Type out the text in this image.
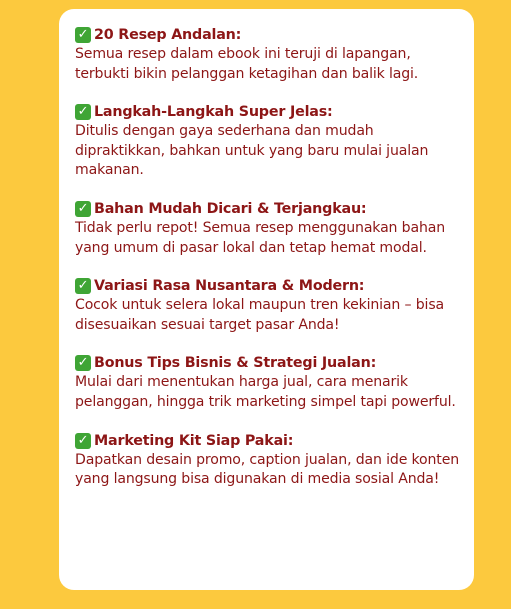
✓ 20 Resep Andalan:
Semua resep dalam ebook ini teruji di lapangan, terbukti bikin pelanggan ketagihan dan balik lagi.
✓ Langkah-Langkah Super Jelas:
Ditulis dengan gaya sederhana dan mudah dipraktikkan, bahkan untuk yang baru mulai jualan makanan.
✓ Bahan Mudah Dicari & Terjangkau:
Tidak perlu repot! Semua resep menggunakan bahan yang umum di pasar lokal dan tetap hemat modal.
✓ Variasi Rasa Nusantara & Modern:
Cocok untuk selera lokal maupun tren kekinian – bisa disesuaikan sesuai target pasar Anda!
✓ Bonus Tips Bisnis & Strategi Jualan:
Mulai dari menentukan harga jual, cara menarik pelanggan, hingga trik marketing simpel tapi powerful.
✓ Marketing Kit Siap Pakai:
Dapatkan desain promo, caption jualan, dan ide konten yang langsung bisa digunakan di media sosial Anda!
